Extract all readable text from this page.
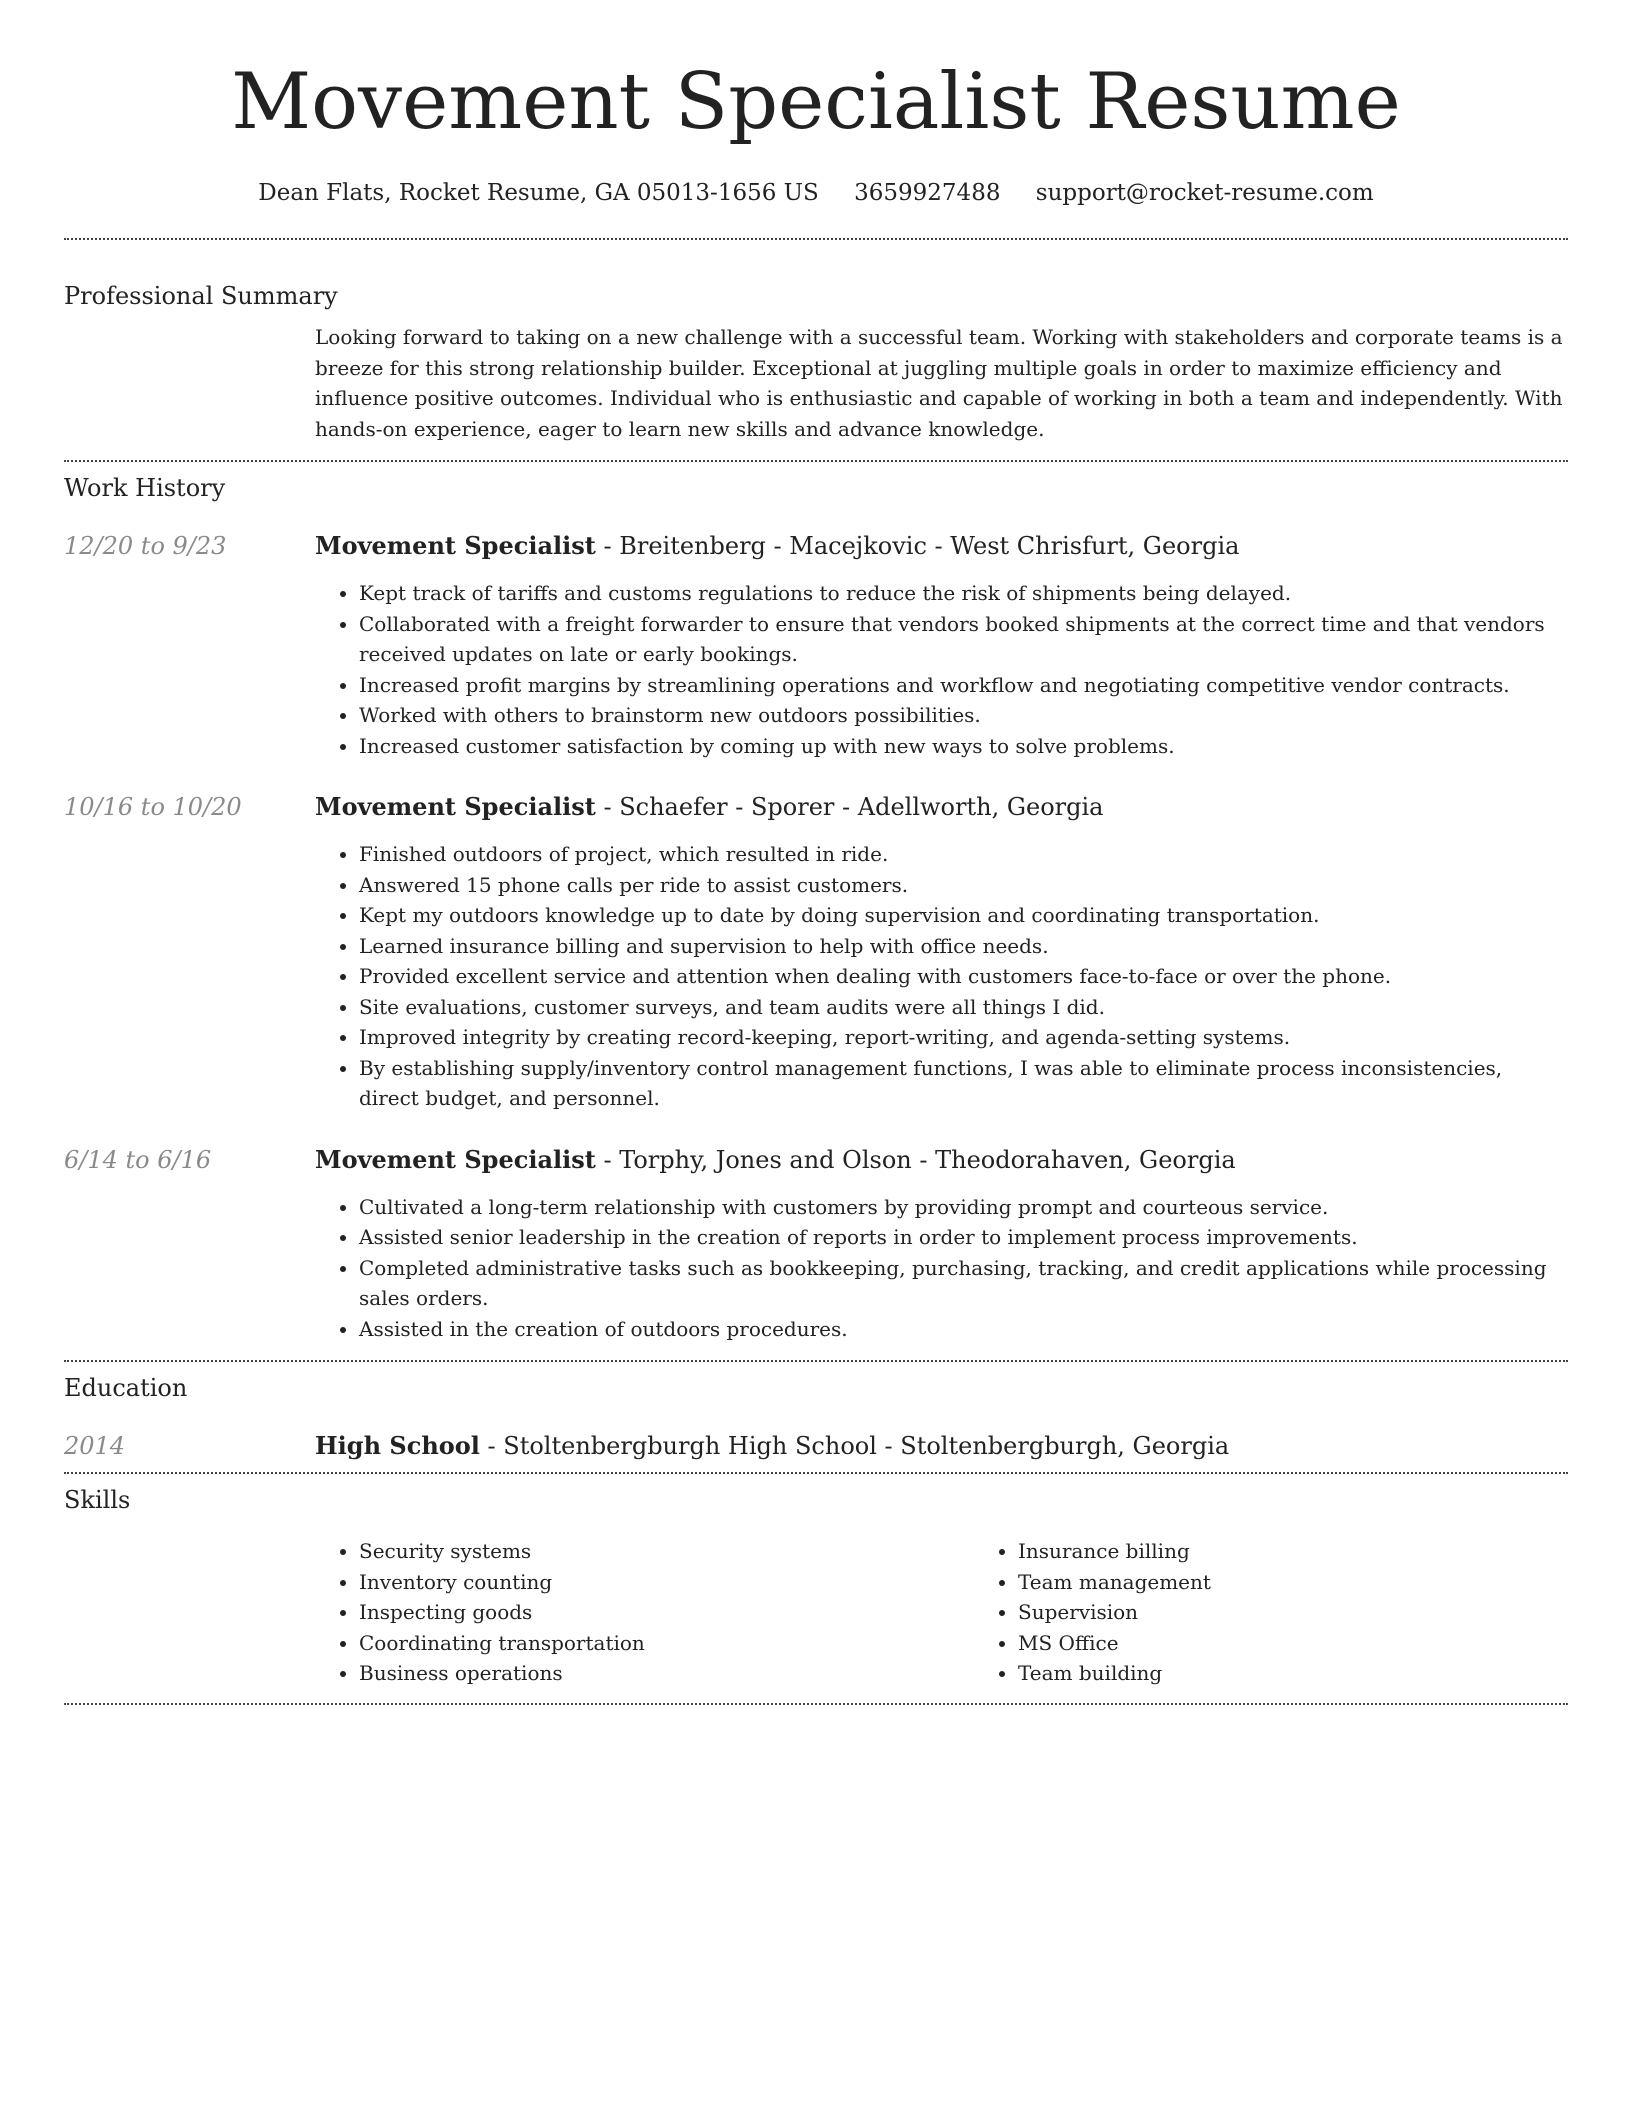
Movement Specialist Resume
Dean Flats, Rocket Resume, GA 05013-1656 US 3659927488 support@rocket-resume.com
Professional Summary

Looking forward to taking on a new challenge with a successful team. Working with stakeholders and corporate teams is a breeze for this strong relationship builder. Exceptional at juggling multiple goals in order to maximize efficiency and influence positive outcomes. Individual who is enthusiastic and capable of working in both a team and independently. With hands-on experience, eager to learn new skills and advance knowledge.

Work History
12/20 to 9/23	Movement Specialist - Breitenberg - Macejkovic - West Chrisfurt, Georgia
• Kept track of tariffs and customs regulations to reduce the risk of shipments being delayed.
• Collaborated with a freight forwarder to ensure that vendors booked shipments at the correct time and that vendors received updates on late or early bookings.
• Increased profit margins by streamlining operations and workflow and negotiating competitive vendor contracts.
• Worked with others to brainstorm new outdoors possibilities.
• Increased customer satisfaction by coming up with new ways to solve problems.
10/16 to 10/20	Movement Specialist - Schaefer - Sporer - Adellworth, Georgia
• Finished outdoors of project, which resulted in ride.
• Answered 15 phone calls per ride to assist customers.
• Kept my outdoors knowledge up to date by doing supervision and coordinating transportation.
• Learned insurance billing and supervision to help with office needs.
• Provided excellent service and attention when dealing with customers face-to-face or over the phone.
• Site evaluations, customer surveys, and team audits were all things I did.
• Improved integrity by creating record-keeping, report-writing, and agenda-setting systems.
• By establishing supply/inventory control management functions, I was able to eliminate process inconsistencies, direct budget, and personnel.
6/14 to 6/16	Movement Specialist - Torphy, Jones and Olson - Theodorahaven, Georgia
• Cultivated a long-term relationship with customers by providing prompt and courteous service.
• Assisted senior leadership in the creation of reports in order to implement process improvements.
• Completed administrative tasks such as bookkeeping, purchasing, tracking, and credit applications while processing sales orders.
• Assisted in the creation of outdoors procedures.
Education
2014	High School - Stoltenbergburgh High School - Stoltenbergburgh, Georgia
Skills
• Security systems
• Inventory counting
• Inspecting goods
• Coordinating transportation
• Business operations
• Insurance billing
• Team management
• Supervision
• MS Office
• Team building
